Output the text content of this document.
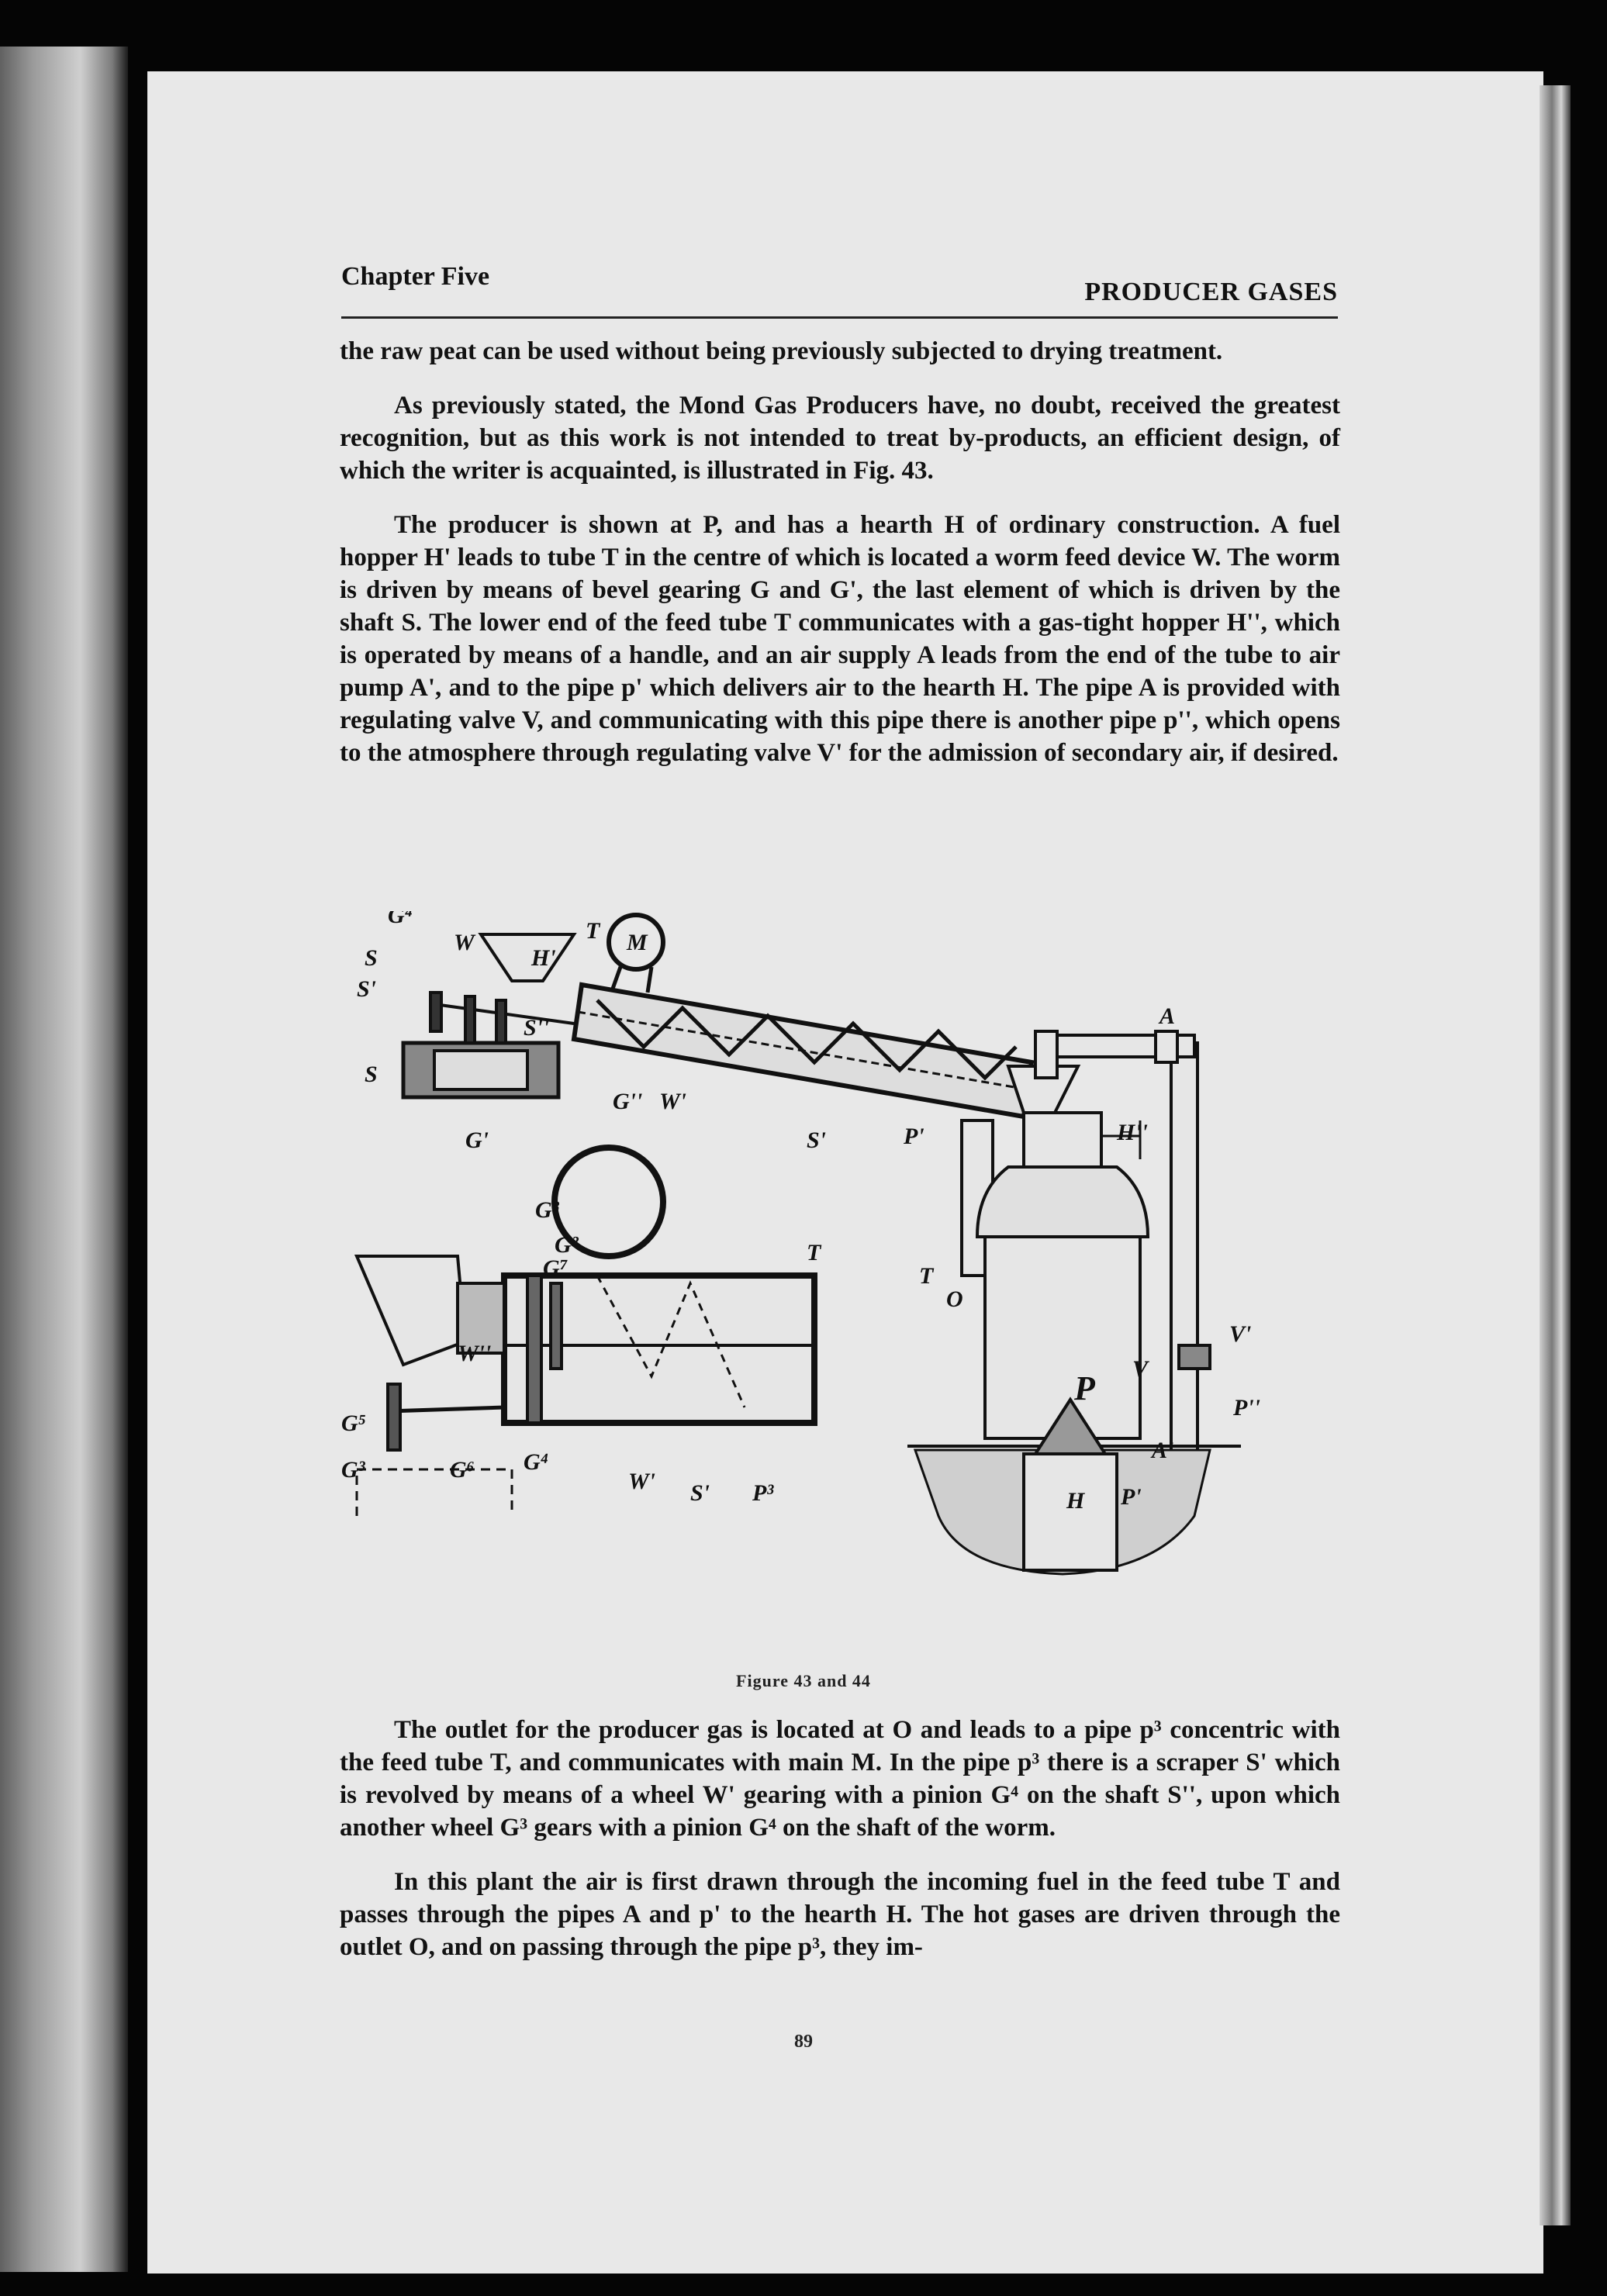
Chapter Five
PRODUCER GASES

the raw peat can be used without being previously subjected to drying treatment.

As previously stated, the Mond Gas Producers have, no doubt, received the greatest recognition, but as this work is not intended to treat by-products, an efficient design, of which the writer is acquainted, is illustrated in Fig. 43.

The producer is shown at P, and has a hearth H of ordinary construction. A fuel hopper H' leads to tube T in the centre of which is located a worm feed device W. The worm is driven by means of bevel gearing G and G', the last element of which is driven by the shaft S. The lower end of the feed tube T communicates with a gas-tight hopper H'', which is operated by means of a handle, and an air supply A leads from the end of the tube to air pump A', and to the pipe p' which delivers air to the hearth H. The pipe A is provided with regulating valve V, and communicating with this pipe there is another pipe p'', which opens to the atmosphere through regulating valve V' for the admission of secondary air, if desired.

G⁴
S
W
H'
T M
S'
S
S''
G'' W'
G'	S'	P'
A
H''
T
O
P
V
V'
P''
A'
P'
H
G⁸
G²
G⁷
T
W''
G⁵
G³	G⁶ G⁴
W' S' P³
Figure 43 and 44

The outlet for the producer gas is located at O and leads to a pipe p³ concentric with the feed tube T, and communicates with main M. In the pipe p³ there is a scraper S' which is revolved by means of a wheel W' gearing with a pinion G⁴ on the shaft S'', upon which another wheel G³ gears with a pinion G⁴ on the shaft of the worm.

In this plant the air is first drawn through the incoming fuel in the feed tube T and passes through the pipes A and p' to the hearth H. The hot gases are driven through the outlet O, and on passing through the pipe p³, they im-

89
